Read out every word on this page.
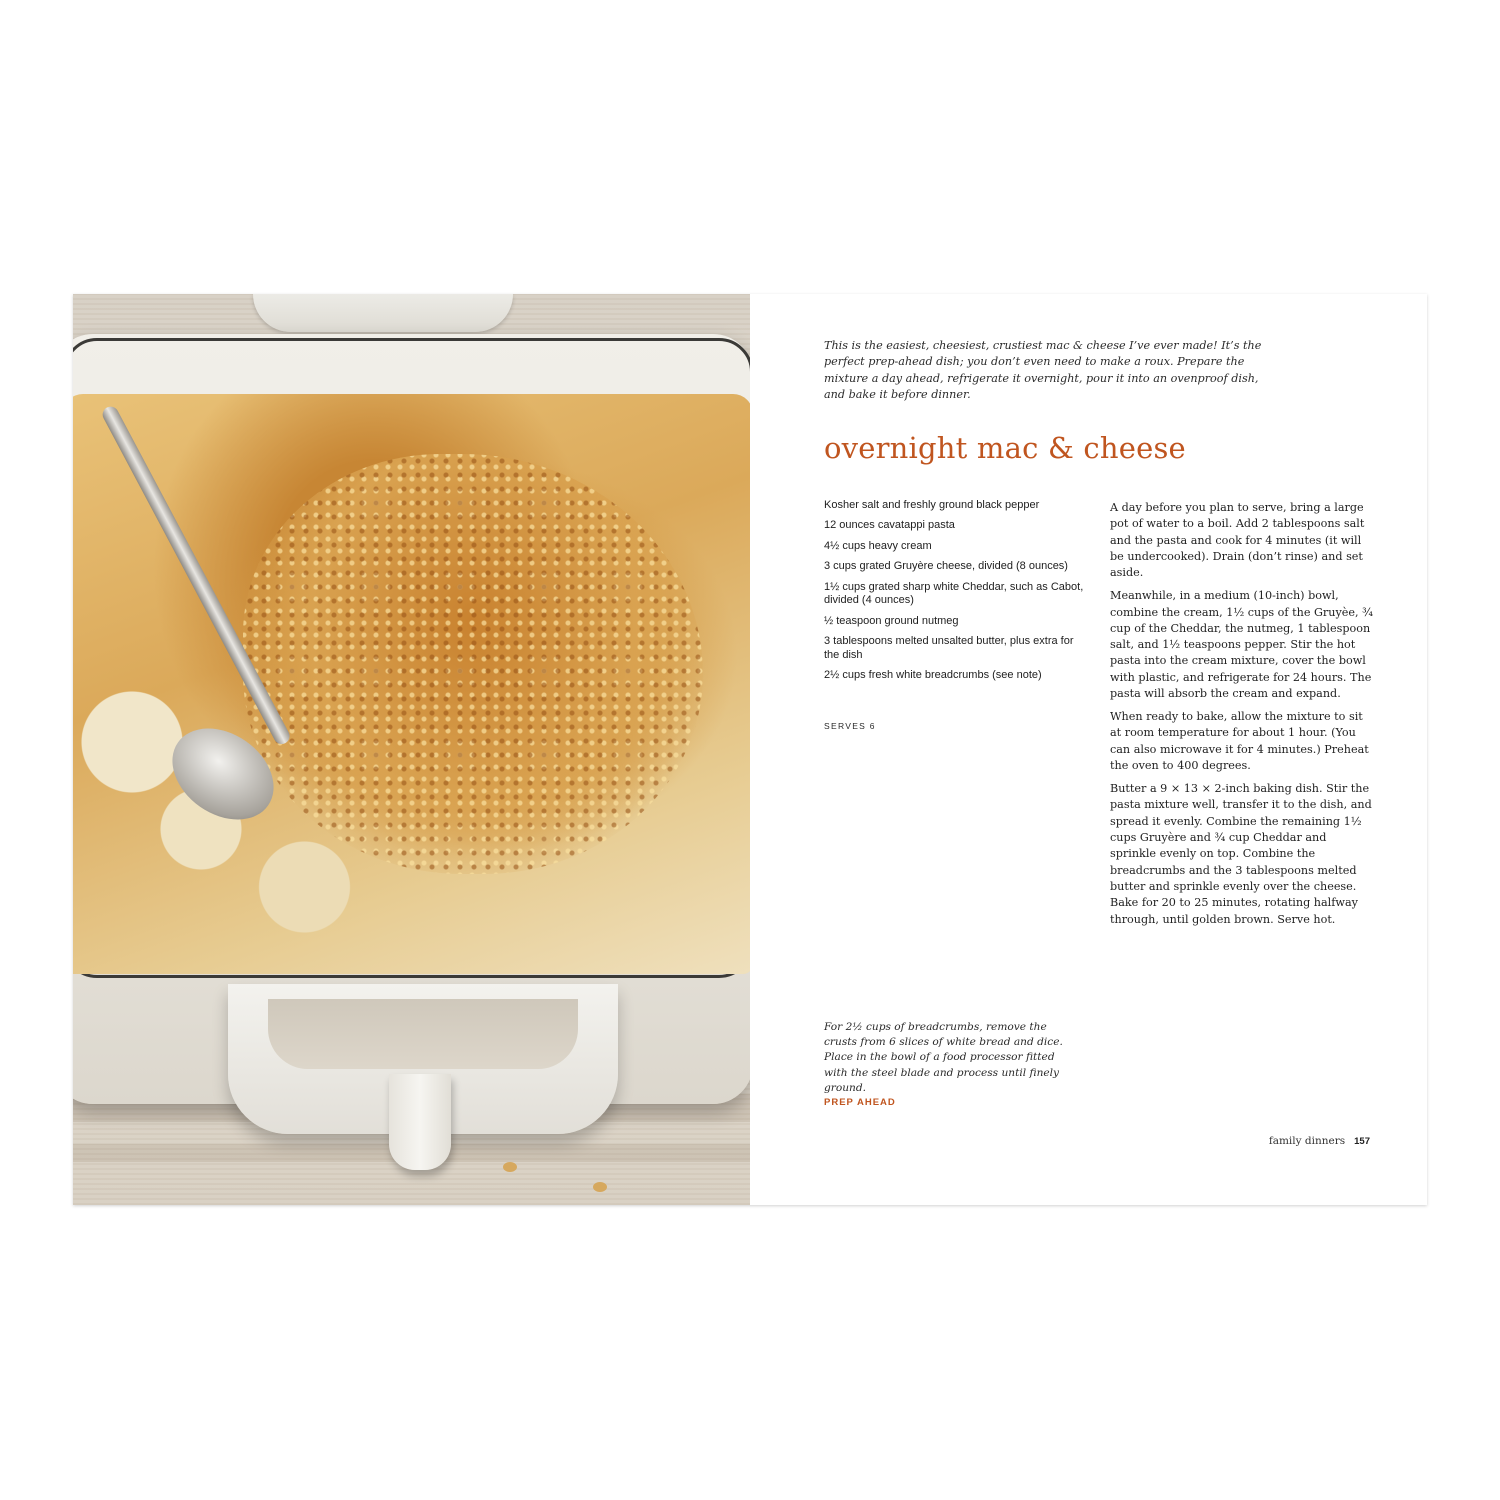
This is the easiest, cheesiest, crustiest mac & cheese I’ve ever made! It’s the perfect prep-ahead dish; you don’t even need to make a roux. Prepare the mixture a day ahead, refrigerate it overnight, pour it into an ovenproof dish, and bake it before dinner.

overnight mac & cheese
Kosher salt and freshly ground black pepper
12 ounces cavatappi pasta
4½ cups heavy cream
3 cups grated Gruyère cheese, divided (8 ounces)
1½ cups grated sharp white Cheddar, such as Cabot, divided (4 ounces)
½ teaspoon ground nutmeg
3 tablespoons melted unsalted butter, plus extra for the dish
2½ cups fresh white breadcrumbs (see note)

SERVES 6

A day before you plan to serve, bring a large pot of water to a boil. Add 2 tablespoons salt and the pasta and cook for 4 minutes (it will be undercooked). Drain (don’t rinse) and set aside.

Meanwhile, in a medium (10-inch) bowl, combine the cream, 1½ cups of the Gruyèe, ¾ cup of the Cheddar, the nutmeg, 1 tablespoon salt, and 1½ teaspoons pepper. Stir the hot pasta into the cream mixture, cover the bowl with plastic, and refrigerate for 24 hours. The pasta will absorb the cream and expand.

When ready to bake, allow the mixture to sit at room temperature for about 1 hour. (You can also microwave it for 4 minutes.) Preheat the oven to 400 degrees.

Butter a 9 × 13 × 2-inch baking dish. Stir the pasta mixture well, transfer it to the dish, and spread it evenly. Combine the remaining 1½ cups Gruyère and ¾ cup Cheddar and sprinkle evenly on top. Combine the breadcrumbs and the 3 tablespoons melted butter and sprinkle evenly over the cheese. Bake for 20 to 25 minutes, rotating halfway through, until golden brown. Serve hot.

For 2½ cups of breadcrumbs, remove the crusts from 6 slices of white bread and dice. Place in the bowl of a food processor fitted with the steel blade and process until finely ground.

PREP AHEAD

family dinners 157
